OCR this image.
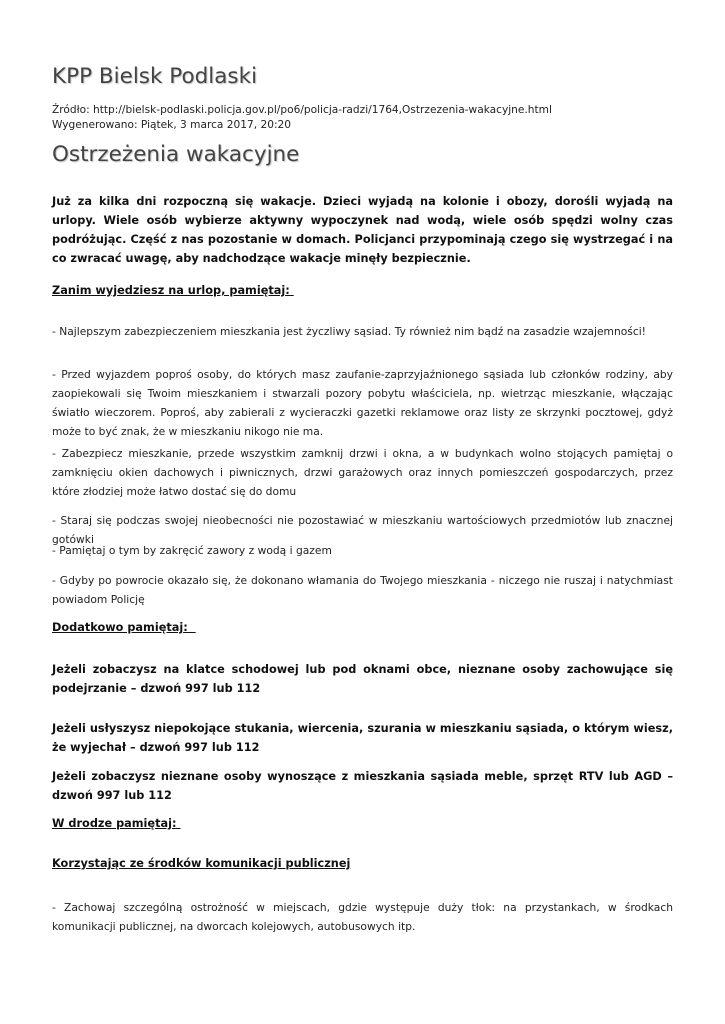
KPP Bielsk Podlaski
Źródło: http://bielsk-podlaski.policja.gov.pl/po6/policja-radzi/1764,Ostrzezenia-wakacyjne.html
Wygenerowano: Piątek, 3 marca 2017, 20:20
Ostrzeżenia wakacyjne

Już za kilka dni rozpoczną się wakacje. Dzieci wyjadą na kolonie i obozy, dorośli wyjadą na urlopy. Wiele osób wybierze aktywny wypoczynek nad wodą, wiele osób spędzi wolny czas podróżując. Część z nas pozostanie w domach. Policjanci przypominają czego się wystrzegać i na co zwracać uwagę, aby nadchodzące wakacje minęły bezpiecznie.

Zanim wyjedziesz na urlop, pamiętaj:

- Najlepszym zabezpieczeniem mieszkania jest życzliwy sąsiad. Ty również nim bądź na zasadzie wzajemności!

- Przed wyjazdem poproś osoby, do których masz zaufanie-zaprzyjaźnionego sąsiada lub członków rodziny, aby zaopiekowali się Twoim mieszkaniem i stwarzali pozory pobytu właściciela, np. wietrząc mieszkanie, włączając światło wieczorem. Poproś, aby zabierali z wycieraczki gazetki reklamowe oraz listy ze skrzynki pocztowej, gdyż może to być znak, że w mieszkaniu nikogo nie ma.

- Zabezpiecz mieszkanie, przede wszystkim zamknij drzwi i okna, a w budynkach wolno stojących pamiętaj o zamknięciu okien dachowych i piwnicznych, drzwi garażowych oraz innych pomieszczeń gospodarczych, przez które złodziej może łatwo dostać się do domu

- Staraj się podczas swojej nieobecności nie pozostawiać w mieszkaniu wartościowych przedmiotów lub znacznej gotówki

- Pamiętaj o tym by zakręcić zawory z wodą i gazem

- Gdyby po powrocie okazało się, że dokonano włamania do Twojego mieszkania - niczego nie ruszaj i natychmiast powiadom Policję

Dodatkowo pamiętaj:

Jeżeli zobaczysz na klatce schodowej lub pod oknami obce, nieznane osoby zachowujące się podejrzanie – dzwoń 997 lub 112

Jeżeli usłyszysz niepokojące stukania, wiercenia, szurania w mieszkaniu sąsiada, o którym wiesz, że wyjechał – dzwoń 997 lub 112

Jeżeli zobaczysz nieznane osoby wynoszące z mieszkania sąsiada meble, sprzęt RTV lub AGD – dzwoń 997 lub 112

W drodze pamiętaj:
Korzystając ze środków komunikacji publicznej

- Zachowaj szczególną ostrożność w miejscach, gdzie występuje duży tłok: na przystankach, w środkach komunikacji publicznej, na dworcach kolejowych, autobusowych itp.
